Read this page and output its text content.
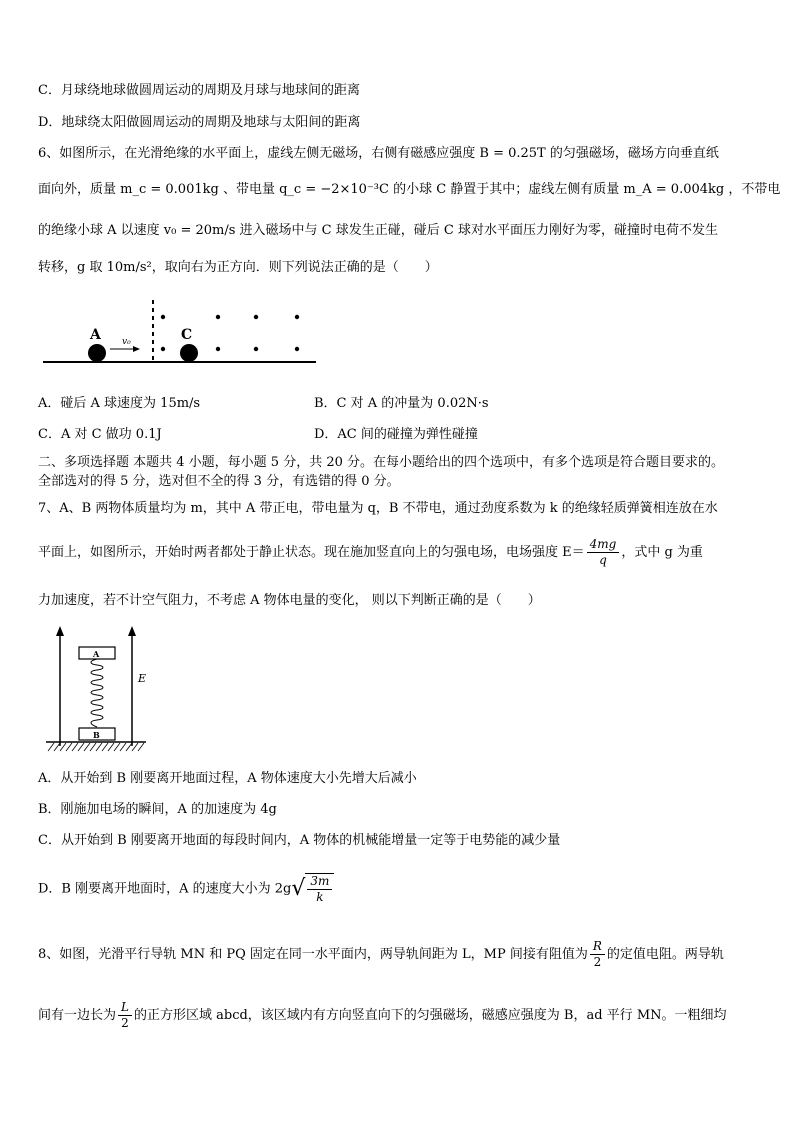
C．月球绕地球做圆周运动的周期及月球与地球间的距离
D．地球绕太阳做圆周运动的周期及地球与太阳间的距离
6、如图所示，在光滑绝缘的水平面上，虚线左侧无磁场，右侧有磁感应强度 B = 0.25T 的匀强磁场，磁场方向垂直纸
面向外，质量 m_c = 0.001kg 、带电量 q_c = −2×10⁻³C 的小球 C 静置于其中；虚线左侧有质量 m_A = 0.004kg ，不带电
的绝缘小球 A 以速度 v₀ = 20m/s 进入磁场中与 C 球发生正碰，碰后 C 球对水平面压力刚好为零，碰撞时电荷不发生
转移，g 取 10m/s²，取向右为正方向．则下列说法正确的是（　　）
A	C
v₀
A．碰后 A 球速度为 15m/s	B．C 对 A 的冲量为 0.02N·s
C．A 对 C 做功 0.1J	D．AC 间的碰撞为弹性碰撞
二、多项选择题 本题共 4 小题，每小题 5 分，共 20 分。在每小题给出的四个选项中，有多个选项是符合题目要求的。
全部选对的得 5 分，选对但不全的得 3 分，有选错的得 0 分。
7、A、B 两物体质量均为 m，其中 A 带正电，带电量为 q，B 不带电，通过劲度系数为 k 的绝缘轻质弹簧相连放在水
平面上，如图所示，开始时两者都处于静止状态。现在施加竖直向上的匀强电场，电场强度 $E= \frac{4mg}{q}$ ，式中 g 为重
力加速度，若不计空气阻力，不考虑 A 物体电量的变化， 则以下判断正确的是（　　）
E
A
B
A．从开始到 B 刚要离开地面过程，A 物体速度大小先增大后减小
B．刚施加电场的瞬间，A 的加速度为 4g
C．从开始到 B 刚要离开地面的每段时间内，A 物体的机械能增量一定等于电势能的减少量
D．B 刚要离开地面时，A 的速度大小为 $2g√ \frac{3m}{k}$
8、如图，光滑平行导轨 MN 和 PQ 固定在同一水平面内，两导轨间距为 L，MP 间接有阻值为 $\frac{R}{2}$ 的定值电阻。两导轨
间有一边长为 $\frac{L}{2}$ 的正方形区域 abcd，该区域内有方向竖直向下的匀强磁场，磁感应强度为 B，ad 平行 MN。一粗细均
